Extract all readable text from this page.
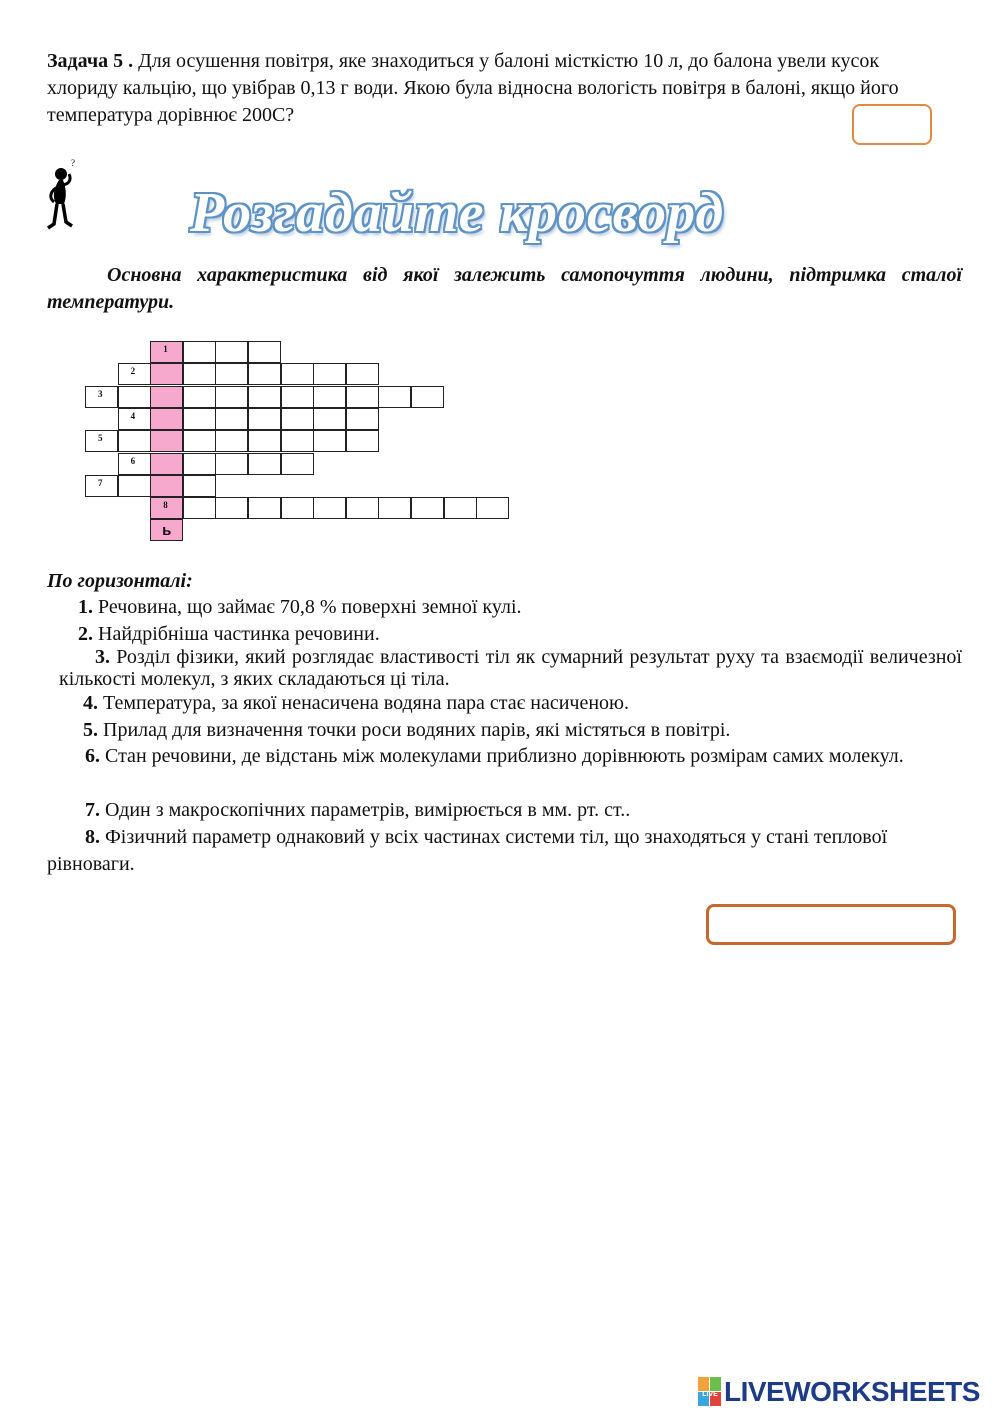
Задача 5 . Для осушення повітря, яке знаходиться у балоні місткістю 10 л, до балона увели кусок хлориду кальцію, що увібрав 0,13 г води. Якою була відносна вологість повітря в балоні, якщо його температура дорівнює 200С?
?
Розгадайте кросворд
Основна характеристика від якої залежить самопочуття людини, підтримка сталої температури.
1
2
3
4
5
6
7
8
ь
По горизонталі:
1. Речовина, що займає 70,8 % поверхні земної кулі.
2. Найдрібніша частинка речовини.
3. Розділ фізики, який розглядає властивості тіл як сумарний результат руху та взаємодії величезної кількості молекул, з яких складаються ці тіла.
4. Температура, за якої ненасичена водяна пара стає насиченою.
5. Прилад для визначення точки роси водяних парів, які містяться в повітрі.
6. Стан речовини, де відстань між молекулами приблизно дорівнюють розмірам самих молекул.
7. Один з макроскопічних параметрів, вимірюється в мм. рт. ст..
8. Фізичний параметр однаковий у всіх частинах системи тіл, що знаходяться у стані теплової рівноваги.
LIVE LIVEWORKSHEETS
